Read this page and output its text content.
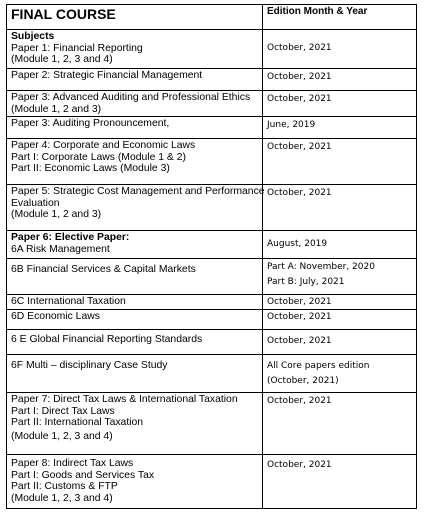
FINAL COURSE	Edition Month & Year

Subjects
Paper 1: Financial Reporting
(Module 1, 2, 3 and 4)	October, 2021

Paper 2: Strategic Financial Management	October, 2021

Paper 3: Advanced Auditing and Professional Ethics
(Module 1, 2 and 3)	October, 2021

Paper 3: Auditing Pronouncement,	June, 2019

Paper 4: Corporate and Economic Laws
Part I: Corporate Laws (Module 1 & 2)
Part II: Economic Laws (Module 3)	October, 2021

Paper 5: Strategic Cost Management and Performance
Evaluation
(Module 1, 2 and 3)	October, 2021

Paper 6: Elective Paper:
6A Risk Management	August, 2019

6B Financial Services & Capital Markets	Part A: November, 2020
Part B: July, 2021

6C International Taxation	October, 2021

6D Economic Laws	October, 2021

6 E Global Financial Reporting Standards	October, 2021

6F Multi – disciplinary Case Study	All Core papers edition
(October, 2021)

Paper 7: Direct Tax Laws & International Taxation
Part I: Direct Tax Laws
Part II: International Taxation
(Module 1, 2, 3 and 4)	October, 2021

Paper 8: Indirect Tax Laws
Part I: Goods and Services Tax
Part II: Customs & FTP
(Module 1, 2, 3 and 4)	October, 2021
